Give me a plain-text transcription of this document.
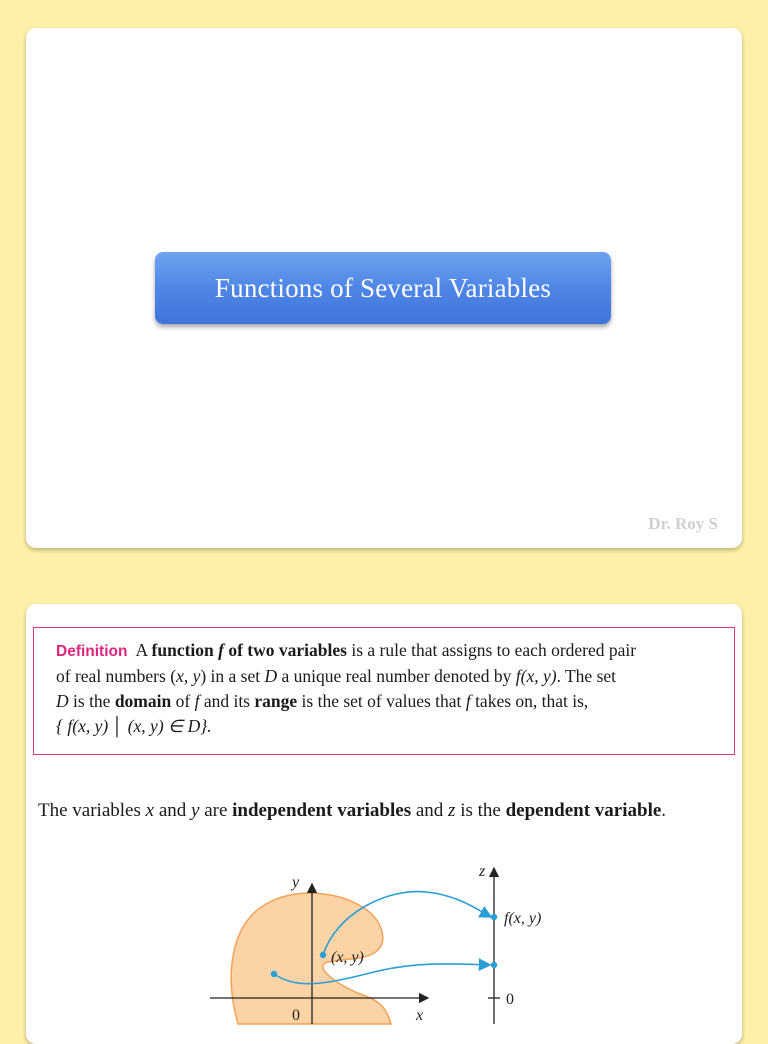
Functions of Several Variables
Dr. Roy S
Definition A function f of two variables is a rule that assigns to each ordered pair
of real numbers (x, y) in a set D a unique real number denoted by f(x, y). The set
D is the domain of f and its range is the set of values that f takes on, that is,
{ f(x, y) │ (x, y) ∈ D}.
The variables x and y are independent variables and z is the dependent variable.
y
x
z
0
0
(x, y)
f(x, y)
